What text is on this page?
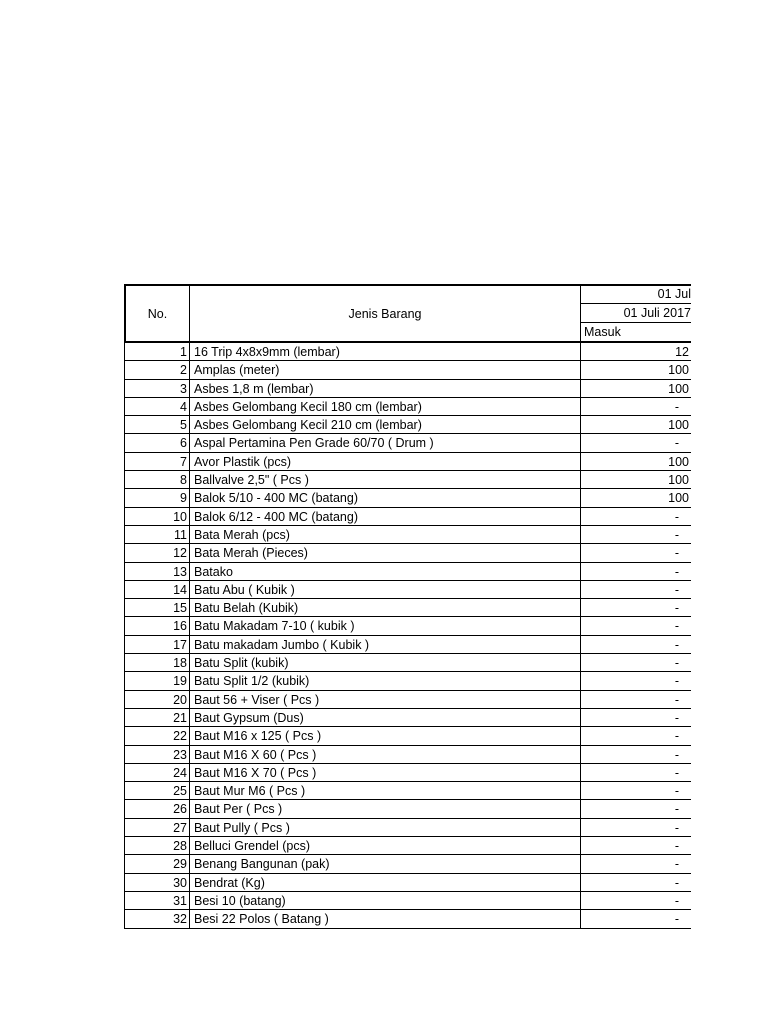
No.	Jenis Barang
01 Jul
01 Juli 2017
Masuk
1 16 Trip 4x8x9mm (lembar)	12
2 Amplas (meter)	100
3 Asbes 1,8 m (lembar)	100
4 Asbes Gelombang Kecil 180 cm (lembar)	-
5 Asbes Gelombang Kecil 210 cm (lembar)	100
6 Aspal Pertamina Pen Grade 60/70 ( Drum )	-
7 Avor Plastik (pcs)	100
8 Ballvalve 2,5" ( Pcs )	100
9 Balok 5/10 - 400 MC (batang)	100
10 Balok 6/12 - 400 MC (batang)	-
11 Bata Merah (pcs)	-
12 Bata Merah (Pieces)	-
13 Batako	-
14 Batu Abu ( Kubik )	-
15 Batu Belah (Kubik)	-
16 Batu Makadam 7-10 ( kubik )	-
17 Batu makadam Jumbo ( Kubik )	-
18 Batu Split (kubik)	-
19 Batu Split 1/2 (kubik)	-
20 Baut 56 + Viser ( Pcs )	-
21 Baut Gypsum (Dus)	-
22 Baut M16 x 125 ( Pcs )	-
23 Baut M16 X 60 ( Pcs )	-
24 Baut M16 X 70 ( Pcs )	-
25 Baut Mur M6 ( Pcs )	-
26 Baut Per ( Pcs )	-
27 Baut Pully ( Pcs )	-
28 Belluci Grendel (pcs)	-
29 Benang Bangunan (pak)	-
30 Bendrat (Kg)	-
31 Besi 10 (batang)	-
32 Besi 22 Polos ( Batang )	-
